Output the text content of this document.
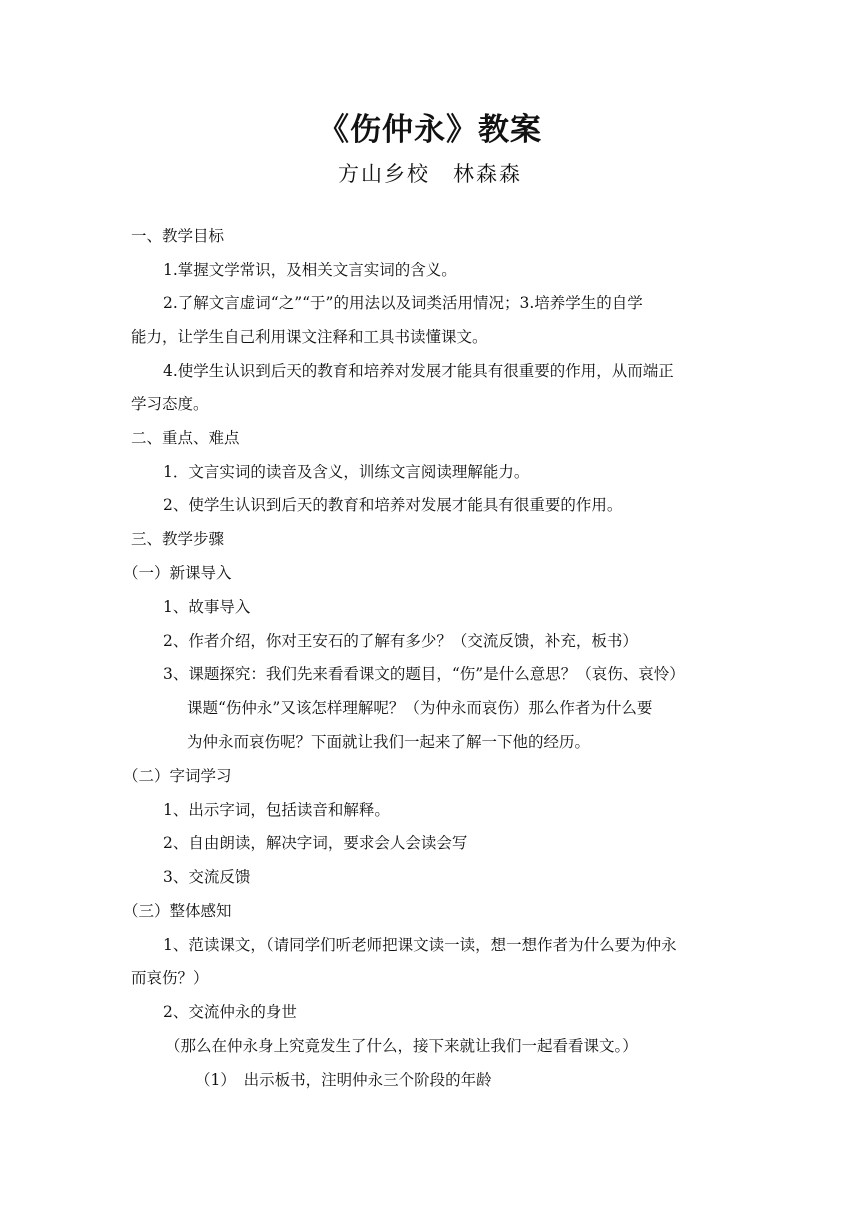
《伤仲永》教案
方山乡校　林森森
一、教学目标
1.掌握文学常识，及相关文言实词的含义。
2.了解文言虚词“之”“于”的用法以及词类活用情况；3.培养学生的自学
能力，让学生自己利用课文注释和工具书读懂课文。
4.使学生认识到后天的教育和培养对发展才能具有很重要的作用，从而端正
学习态度。
二、重点、难点
1．文言实词的读音及含义，训练文言阅读理解能力。
2、使学生认识到后天的教育和培养对发展才能具有很重要的作用。
三、教学步骤
（一）新课导入
1、故事导入
2、作者介绍，你对王安石的了解有多少？（交流反馈，补充，板书）
3、课题探究：我们先来看看课文的题目，“伤”是什么意思？（哀伤、哀怜）
课题“伤仲永”又该怎样理解呢？（为仲永而哀伤）那么作者为什么要
为仲永而哀伤呢？下面就让我们一起来了解一下他的经历。
（二）字词学习
1、出示字词，包括读音和解释。
2、自由朗读，解决字词，要求会人会读会写
3、交流反馈
（三）整体感知
1、范读课文，（请同学们听老师把课文读一读，想一想作者为什么要为仲永
而哀伤？）
2、交流仲永的身世
（那么在仲永身上究竟发生了什么，接下来就让我们一起看看课文。）
（1）　出示板书，注明仲永三个阶段的年龄
